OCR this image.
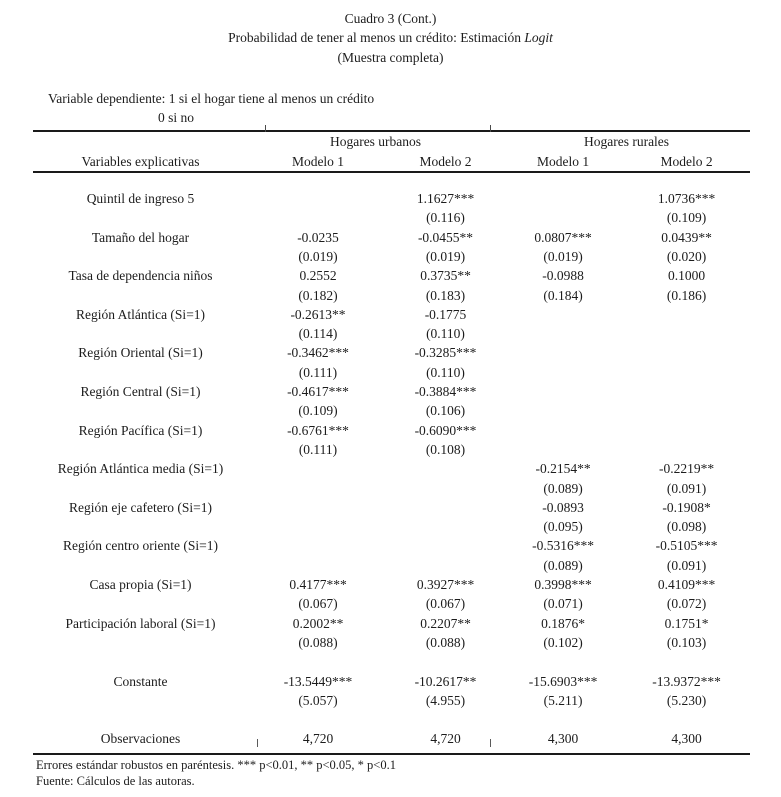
Cuadro 3 (Cont.)
Probabilidad de tener al menos un crédito: Estimación Logit
(Muestra completa)
Variable dependiente: 1 si el hogar tiene al menos un crédito
0 si no
	Hogares urbanos		Hogares rurales	
Variables explicativas	Modelo 1	Modelo 2	Modelo 1	Modelo 2

Quintil de ingreso 5		1.1627***		1.0736***
		(0.116)		(0.109)
Tamaño del hogar	-0.0235	-0.0455**	0.0807***	0.0439**
	(0.019)	(0.019)	(0.019)	(0.020)
Tasa de dependencia niños	0.2552	0.3735**	-0.0988	0.1000
	(0.182)	(0.183)	(0.184)	(0.186)
Región Atlántica (Si=1)	-0.2613**	-0.1775		
	(0.114)	(0.110)		
Región Oriental (Si=1)	-0.3462***	-0.3285***		
	(0.111)	(0.110)		
Región Central (Si=1)	-0.4617***	-0.3884***		
	(0.109)	(0.106)		
Región Pacífica (Si=1)	-0.6761***	-0.6090***		
	(0.111)	(0.108)		
Región Atlántica media (Si=1)			-0.2154**	-0.2219**
			(0.089)	(0.091)
Región eje cafetero (Si=1)			-0.0893	-0.1908*
			(0.095)	(0.098)
Región centro oriente (Si=1)			-0.5316***	-0.5105***
			(0.089)	(0.091)
Casa propia (Si=1)	0.4177***	0.3927***	0.3998***	0.4109***
	(0.067)	(0.067)	(0.071)	(0.072)
Participación laboral (Si=1)	0.2002**	0.2207**	0.1876*	0.1751*
	(0.088)	(0.088)	(0.102)	(0.103)

Constante	-13.5449***	-10.2617**	-15.6903***	-13.9372***
	(5.057)	(4.955)	(5.211)	(5.230)

Observaciones	4,720	4,720	4,300	4,300
Errores estándar robustos en paréntesis. *** p<0.01, ** p<0.05, * p<0.1
Fuente: Cálculos de las autoras.
